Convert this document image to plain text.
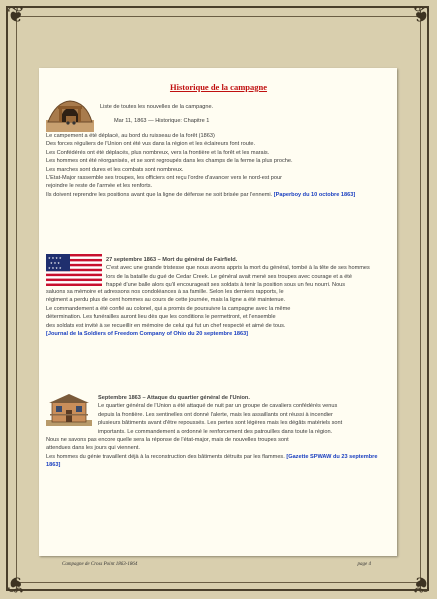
❦	❦
❦	❦
Historique de la campagne

Liste de toutes les nouvelles de la campagne.

Mar 11, 1863 — Historique: Chapitre 1

Le campement a été déplacé, au bord du ruisseau de la forêt (1863)

Des forces réguliers de l'Union ont été vus dans la région et les éclaireurs font route.

Les Confédérés ont été déplacés, plus nombreux, vers la frontière et la forêt et les marais.

Les hommes ont été réorganisés, et se sont regroupés dans les champs de la ferme la plus proche.

Les marches sont dures et les combats sont nombreux.

L'Etat-Major rassemble ses troupes, les officiers ont reçu l'ordre d'avancer vers le nord-est pour

rejoindre le reste de l'armée et les renforts.

Ils doivent reprendre les positions avant que la ligne de défense ne soit brisée par l'ennemi. [Paperboy du 10 octobre 1863]

★ ★ ★ ★
★ ★ ★
★ ★ ★ ★

27 septembre 1863 – Mort du général de Fairfield.

C'est avec une grande tristesse que nous avons appris la mort du général, tombé à la tête de ses hommes

lors de la bataille du gué de Cedar Creek. Le général avait mené ses troupes avec courage et a été

frappé d'une balle alors qu'il encourageait ses soldats à tenir la position sous un feu nourri. Nous

saluons sa mémoire et adressons nos condoléances à sa famille. Selon les derniers rapports, le

régiment a perdu plus de cent hommes au cours de cette journée, mais la ligne a été maintenue.

Le commandement a été confié au colonel, qui a promis de poursuivre la campagne avec la même

détermination. Les funérailles auront lieu dès que les conditions le permettront, et l'ensemble

des soldats est invité à se recueillir en mémoire de celui qui fut un chef respecté et aimé de tous.

[Journal de la Soldiers of Freedom Company of Ohio du 20 septembre 1863]

Septembre 1863 – Attaque du quartier général de l'Union.

Le quartier général de l'Union a été attaqué de nuit par un groupe de cavaliers confédérés venus

depuis la frontière. Les sentinelles ont donné l'alerte, mais les assaillants ont réussi à incendier

plusieurs bâtiments avant d'être repoussés. Les pertes sont légères mais les dégâts matériels sont

importants. Le commandement a ordonné le renforcement des patrouilles dans toute la région.

Nous ne savons pas encore quelle sera la réponse de l'état-major, mais de nouvelles troupes sont

attendues dans les jours qui viennent.

Les hommes du génie travaillent déjà à la reconstruction des bâtiments détruits par les flammes. [Gazette SPWAW du 23 septembre 1863]

Campagne de Cross Point 1863-1864	page 4
